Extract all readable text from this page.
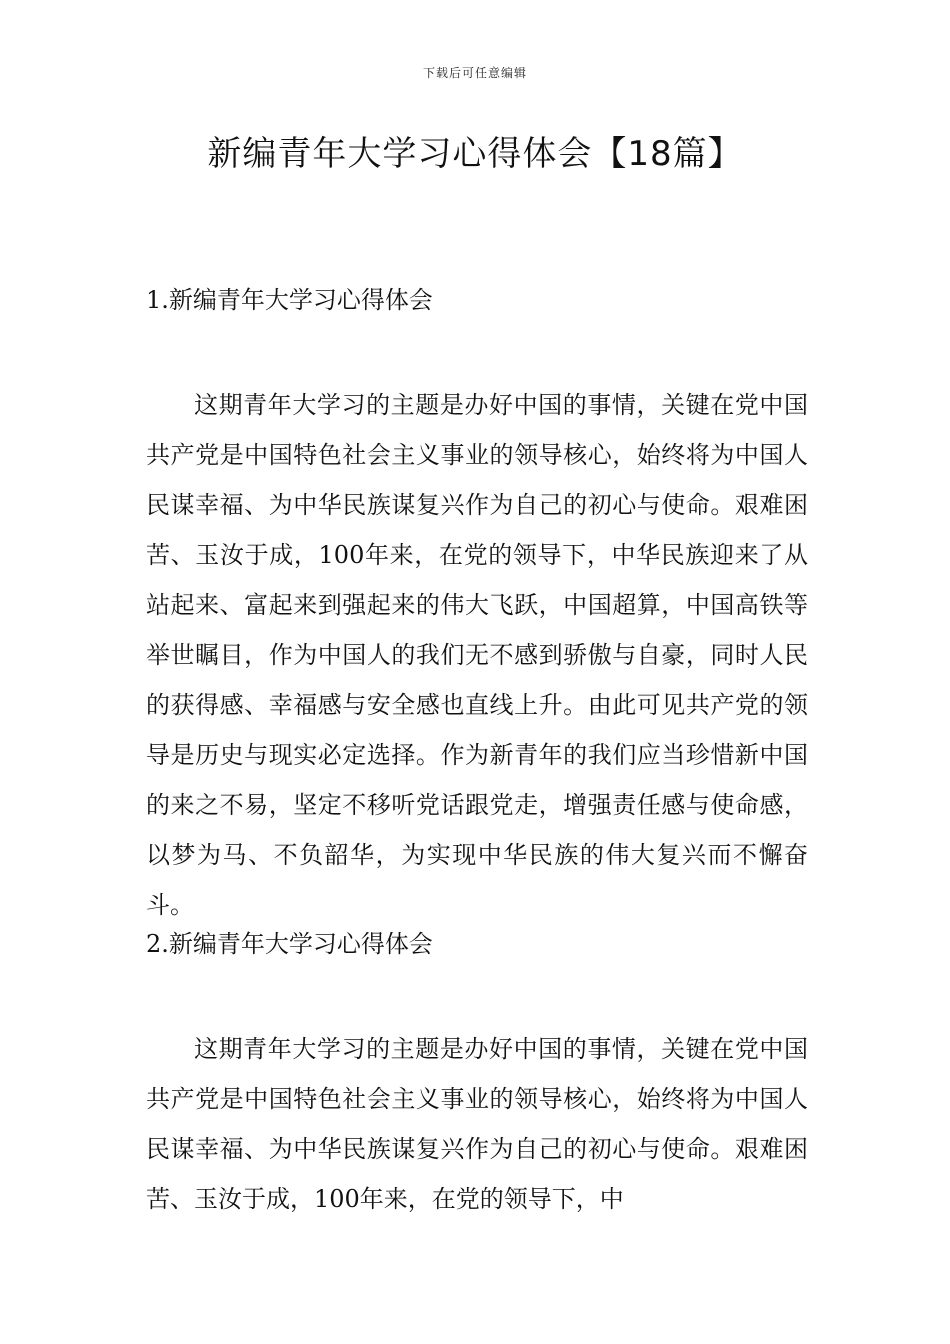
下载后可任意编辑
新编青年大学习心得体会【18篇】

1.新编青年大学习心得体会

这期青年大学习的主题是办好中国的事情，关键在党中国共产党是中国特色社会主义事业的领导核心，始终将为中国人民谋幸福、为中华民族谋复兴作为自己的初心与使命。艰难困苦、玉汝于成，100年来，在党的领导下，中华民族迎来了从站起来、富起来到强起来的伟大飞跃，中国超算，中国高铁等举世瞩目，作为中国人的我们无不感到骄傲与自豪，同时人民的获得感、幸福感与安全感也直线上升。由此可见共产党的领导是历史与现实必定选择。作为新青年的我们应当珍惜新中国的来之不易，坚定不移听党话跟党走，增强责任感与使命感，以梦为马、不负韶华，为实现中华民族的伟大复兴而不懈奋斗。

2.新编青年大学习心得体会

这期青年大学习的主题是办好中国的事情，关键在党中国共产党是中国特色社会主义事业的领导核心，始终将为中国人民谋幸福、为中华民族谋复兴作为自己的初心与使命。艰难困苦、玉汝于成，100年来，在党的领导下，中
